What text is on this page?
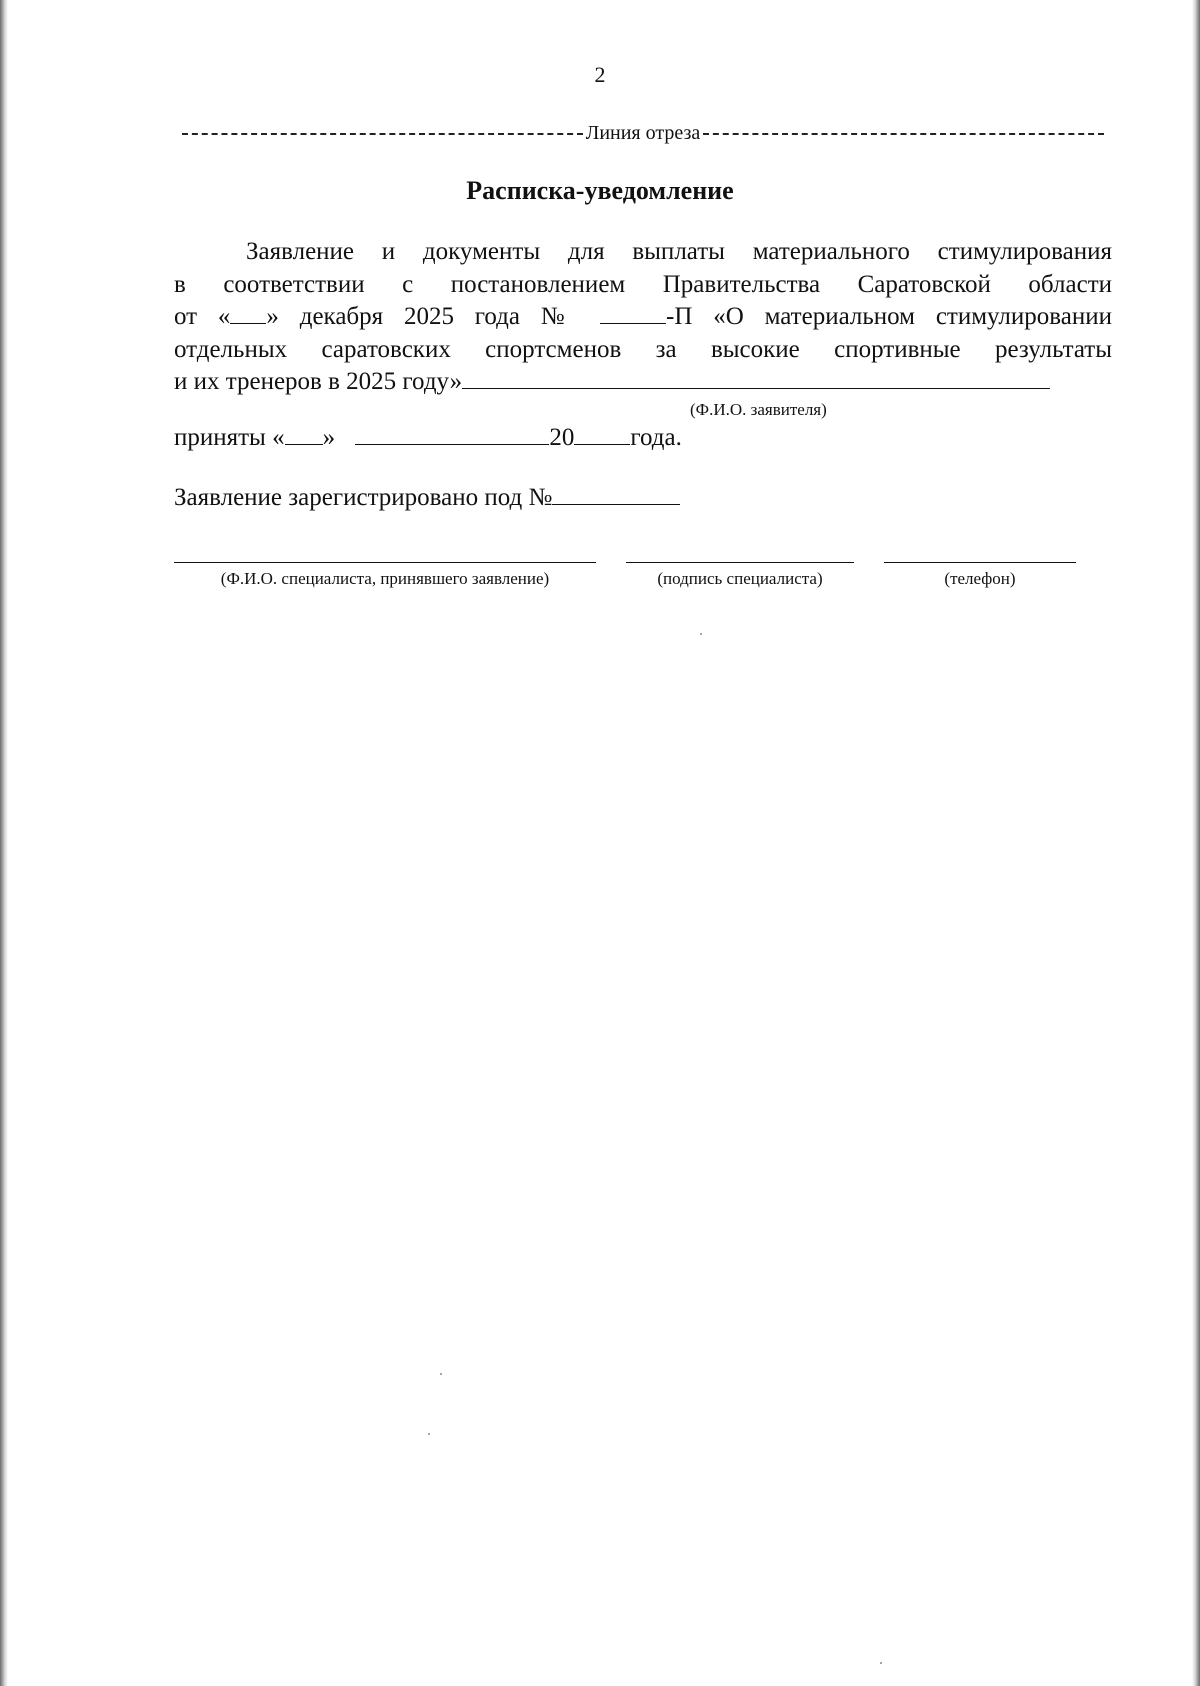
2
Линия отреза
Расписка-уведомление
Заявление и документы для выплаты материального стимулирования
в соответствии с постановлением Правительства Саратовской области
от « » декабря 2025 года №	-П «О материальном стимулировании
отдельных саратовских спортсменов за высокие спортивные результаты
и их тренеров в 2025 году»
(Ф.И.О. заявителя)
приняты « »	20 года.
Заявление зарегистрировано под №
(Ф.И.О. специалиста, принявшего заявление)	(подпись специалиста)	(телефон)
